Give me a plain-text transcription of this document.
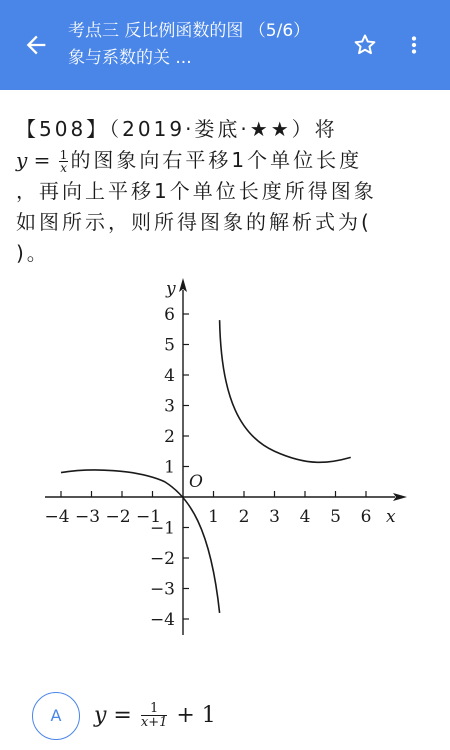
考点三 反比例函数的图 （5/6）
象与系数的关 ...
【508】（2019·娄底·★★）将
$y = \frac{1}{x}$ 的图象向右平移1个单位长度
，再向上平移1个单位长度所得图象
如图所示，则所得图象的解析式为(
)。
−4 −3 −2 −1	1 2 3 4 5 6
6
5
4
3
2
1
−1
−2
−3
−4
x
y
O
A	$y = \frac{1}{x+1} + 1$
